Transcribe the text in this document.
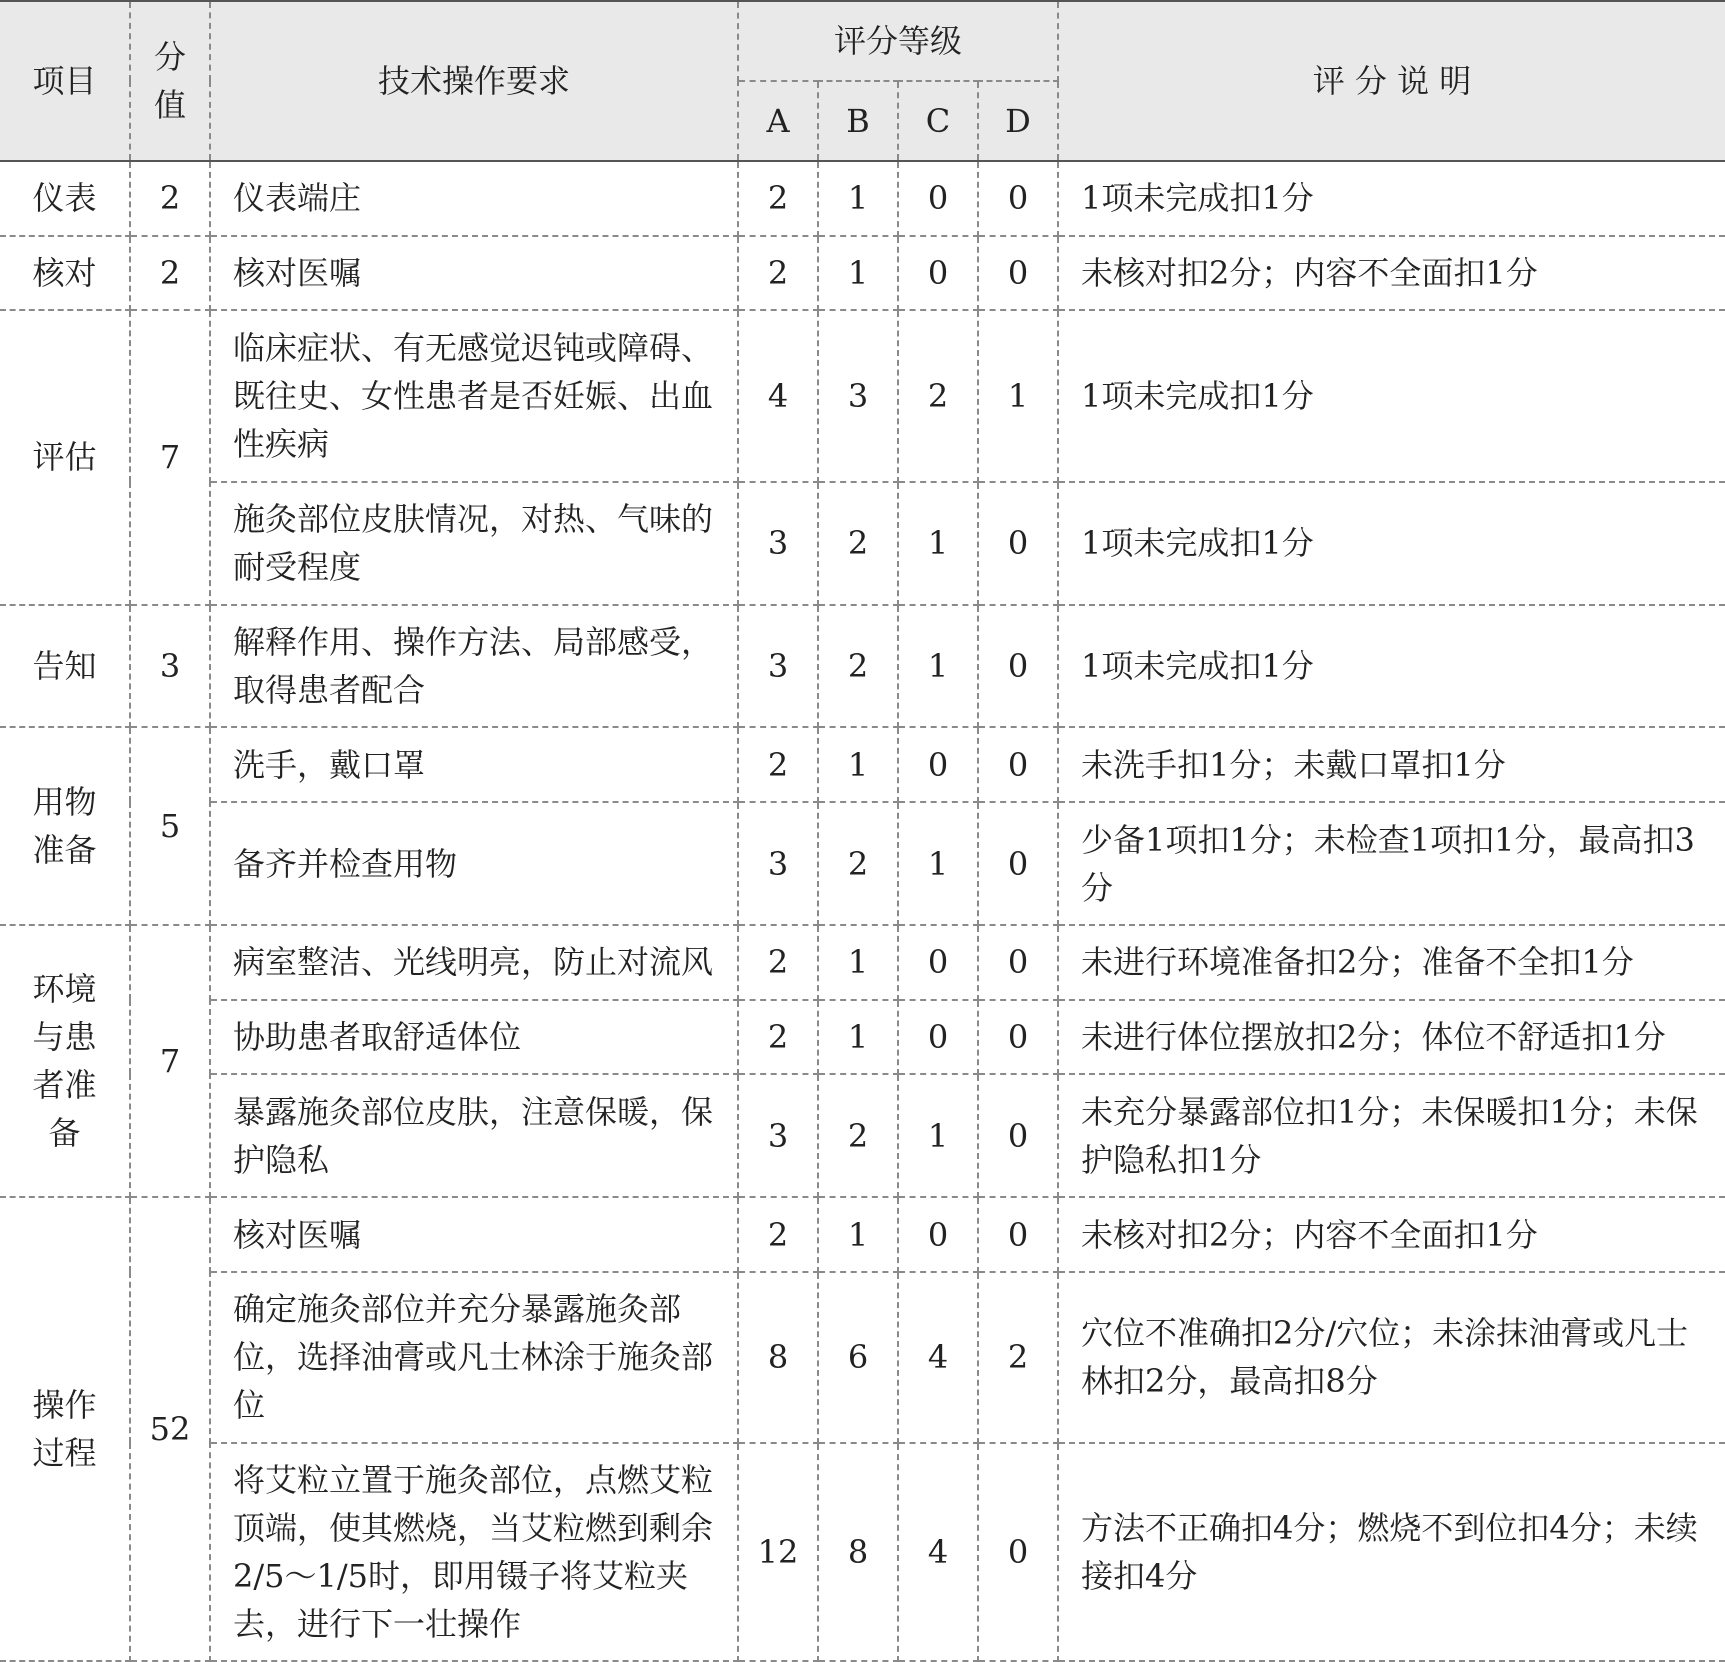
项目	分值	技术操作要求	评分等级				评 分 说 明
			A	B	C	D	
仪表	2	仪表端庄	2	1	0	0	1项未完成扣1分
核对	2	核对医嘱	2	1	0	0	未核对扣2分；内容不全面扣1分
评估	7	临床症状、有无感觉迟钝或障碍、既往史、女性患者是否妊娠、出血性疾病	4	3	2	1	1项未完成扣1分
		施灸部位皮肤情况，对热、气味的耐受程度	3	2	1	0	1项未完成扣1分
告知	3	解释作用、操作方法、局部感受，取得患者配合	3	2	1	0	1项未完成扣1分
用物准备	5	洗手，戴口罩	2	1	0	0	未洗手扣1分；未戴口罩扣1分
		备齐并检查用物	3	2	1	0	少备1项扣1分；未检查1项扣1分，最高扣3分
环境与患者准备	7	病室整洁、光线明亮，防止对流风	2	1	0	0	未进行环境准备扣2分；准备不全扣1分
		协助患者取舒适体位	2	1	0	0	未进行体位摆放扣2分；体位不舒适扣1分
		暴露施灸部位皮肤，注意保暖，保护隐私	3	2	1	0	未充分暴露部位扣1分；未保暖扣1分；未保护隐私扣1分
操作过程	52	核对医嘱	2	1	0	0	未核对扣2分；内容不全面扣1分
		确定施灸部位并充分暴露施灸部位，选择油膏或凡士林涂于施灸部位	8	6	4	2	穴位不准确扣2分/穴位；未涂抹油膏或凡士林扣2分，最高扣8分
		将艾粒立置于施灸部位，点燃艾粒顶端，使其燃烧，当艾粒燃到剩余2/5～1/5时，即用镊子将艾粒夹去，进行下一壮操作	12	8	4	0	方法不正确扣4分；燃烧不到位扣4分；未续接扣4分
